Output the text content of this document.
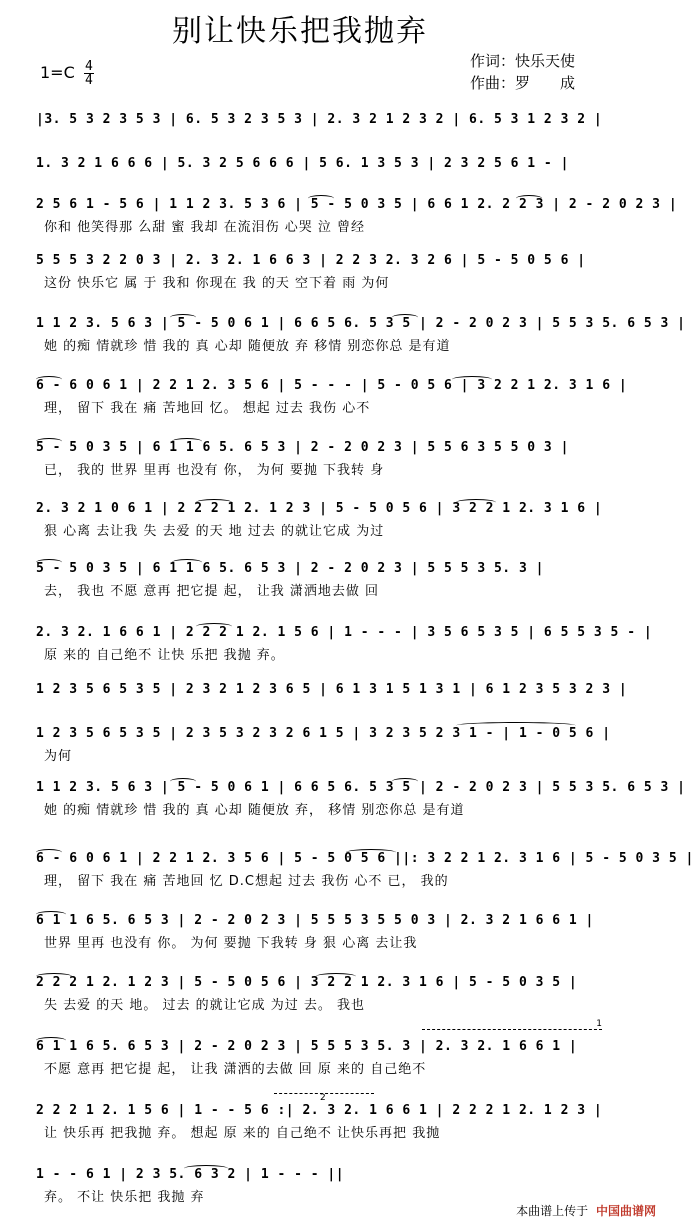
别让快乐把我抛弃
$1=C \frac{4}{4}$	作词：快乐天使
作曲：罗　　成
|3. 5 3 2 3 5 3 | 6. 5 3 2 3 5 3 | 2. 3 2 1 2 3 2 | 6. 5 3 1 2 3 2 |
1. 3 2 1 6 6 6 | 5. 3 2 5 6 6 6 | 5 6. 1 3 5 3 | 2 3 2 5 6 1 - |
2 5 6 1 - 5 6 | 1 1 2 3. 5 3 6 | 5 - 5 0 3 5 | 6 6 1 2. 2 2 3 | 2 - 2 0 2 3 |
你和 他笑得那 么甜 蜜 我却 在流泪伤 心哭 泣 曾经
5 5 5 3 2 2 0 3 | 2. 3 2. 1 6 6 3 | 2 2 3 2. 3 2 6 | 5 - 5 0 5 6 |
这份 快乐它 属 于 我和 你现在 我 的天 空下着 雨 为何
1 1 2 3. 5 6 3 | 5 - 5 0 6 1 | 6 6 5 6. 5 3 5 | 2 - 2 0 2 3 | 5 5 3 5. 6 5 3 |
她 的痴 情就珍 惜 我的 真 心却 随便放 弃 移情 别恋你总 是有道
6 - 6 0 6 1 | 2 2 1 2. 3 5 6 | 5 - - - | 5 - 0 5 6 | 3 2 2 1 2. 3 1 6 |
理， 留下 我在 痛 苦地回 忆。 想起 过去 我伤 心不
5 - 5 0 3 5 | 6 1 1 6 5. 6 5 3 | 2 - 2 0 2 3 | 5 5 6 3 5 5 0 3 |
已， 我的 世界 里再 也没有 你， 为何 要抛 下我转 身
2. 3 2 1 0 6 1 | 2 2 2 1 2. 1 2 3 | 5 - 5 0 5 6 | 3 2 2 1 2. 3 1 6 |
狠 心离 去让我 失 去爱 的天 地 过去 的就让它成 为过
5 - 5 0 3 5 | 6 1 1 6 5. 6 5 3 | 2 - 2 0 2 3 | 5 5 5 3 5. 3 |
去， 我也 不愿 意再 把它提 起， 让我 潇洒地去做 回
2. 3 2. 1 6 6 1 | 2 2 2 1 2. 1 5 6 | 1 - - - | 3 5 6 5 3 5 | 6 5 5 3 5 - |
原 来的 自己绝不 让快 乐把 我抛 弃。
1 2 3 5 6 5 3 5 | 2 3 2 1 2 3 6 5 | 6 1 3 1 5 1 3 1 | 6 1 2 3 5 3 2 3 |
1 2 3 5 6 5 3 5 | 2 3 5 3 2 3 2 6 1 5 | 3 2 3 5 2 3 1 - | 1 - 0 5 6 |
为何
1 1 2 3. 5 6 3 | 5 - 5 0 6 1 | 6 6 5 6. 5 3 5 | 2 - 2 0 2 3 | 5 5 3 5. 6 5 3 |
她 的痴 情就珍 惜 我的 真 心却 随便放 弃， 移情 别恋你总 是有道
6 - 6 0 6 1 | 2 2 1 2. 3 5 6 | 5 - 5 0 5 6 ||: 3 2 2 1 2. 3 1 6 | 5 - 5 0 3 5 |
理， 留下 我在 痛 苦地回 忆 D.C想起 过去 我伤 心不 已， 我的
6 1 1 6 5. 6 5 3 | 2 - 2 0 2 3 | 5 5 5 3 5 5 0 3 | 2. 3 2 1 6 6 1 |
世界 里再 也没有 你。 为何 要抛 下我转 身 狠 心离 去让我
2 2 2 1 2. 1 2 3 | 5 - 5 0 5 6 | 3 2 2 1 2. 3 1 6 | 5 - 5 0 3 5 |
失 去爱 的天 地。 过去 的就让它成 为过 去。 我也
1
6 1 1 6 5. 6 5 3 | 2 - 2 0 2 3 | 5 5 5 3 5. 3 | 2. 3 2. 1 6 6 1 |
不愿 意再 把它提 起， 让我 潇洒的去做 回 原 来的 自己绝不
2
2 2 2 1 2. 1 5 6 | 1 - - 5 6 :| 2. 3 2. 1 6 6 1 | 2 2 2 1 2. 1 2 3 |
让 快乐再 把我抛 弃。 想起 原 来的 自己绝不 让快乐再把 我抛
1 - - 6 1 | 2 3 5. 6 3 2 | 1 - - - ||
弃。 不让 快乐把 我抛 弃
本曲谱上传于 中国曲谱网
